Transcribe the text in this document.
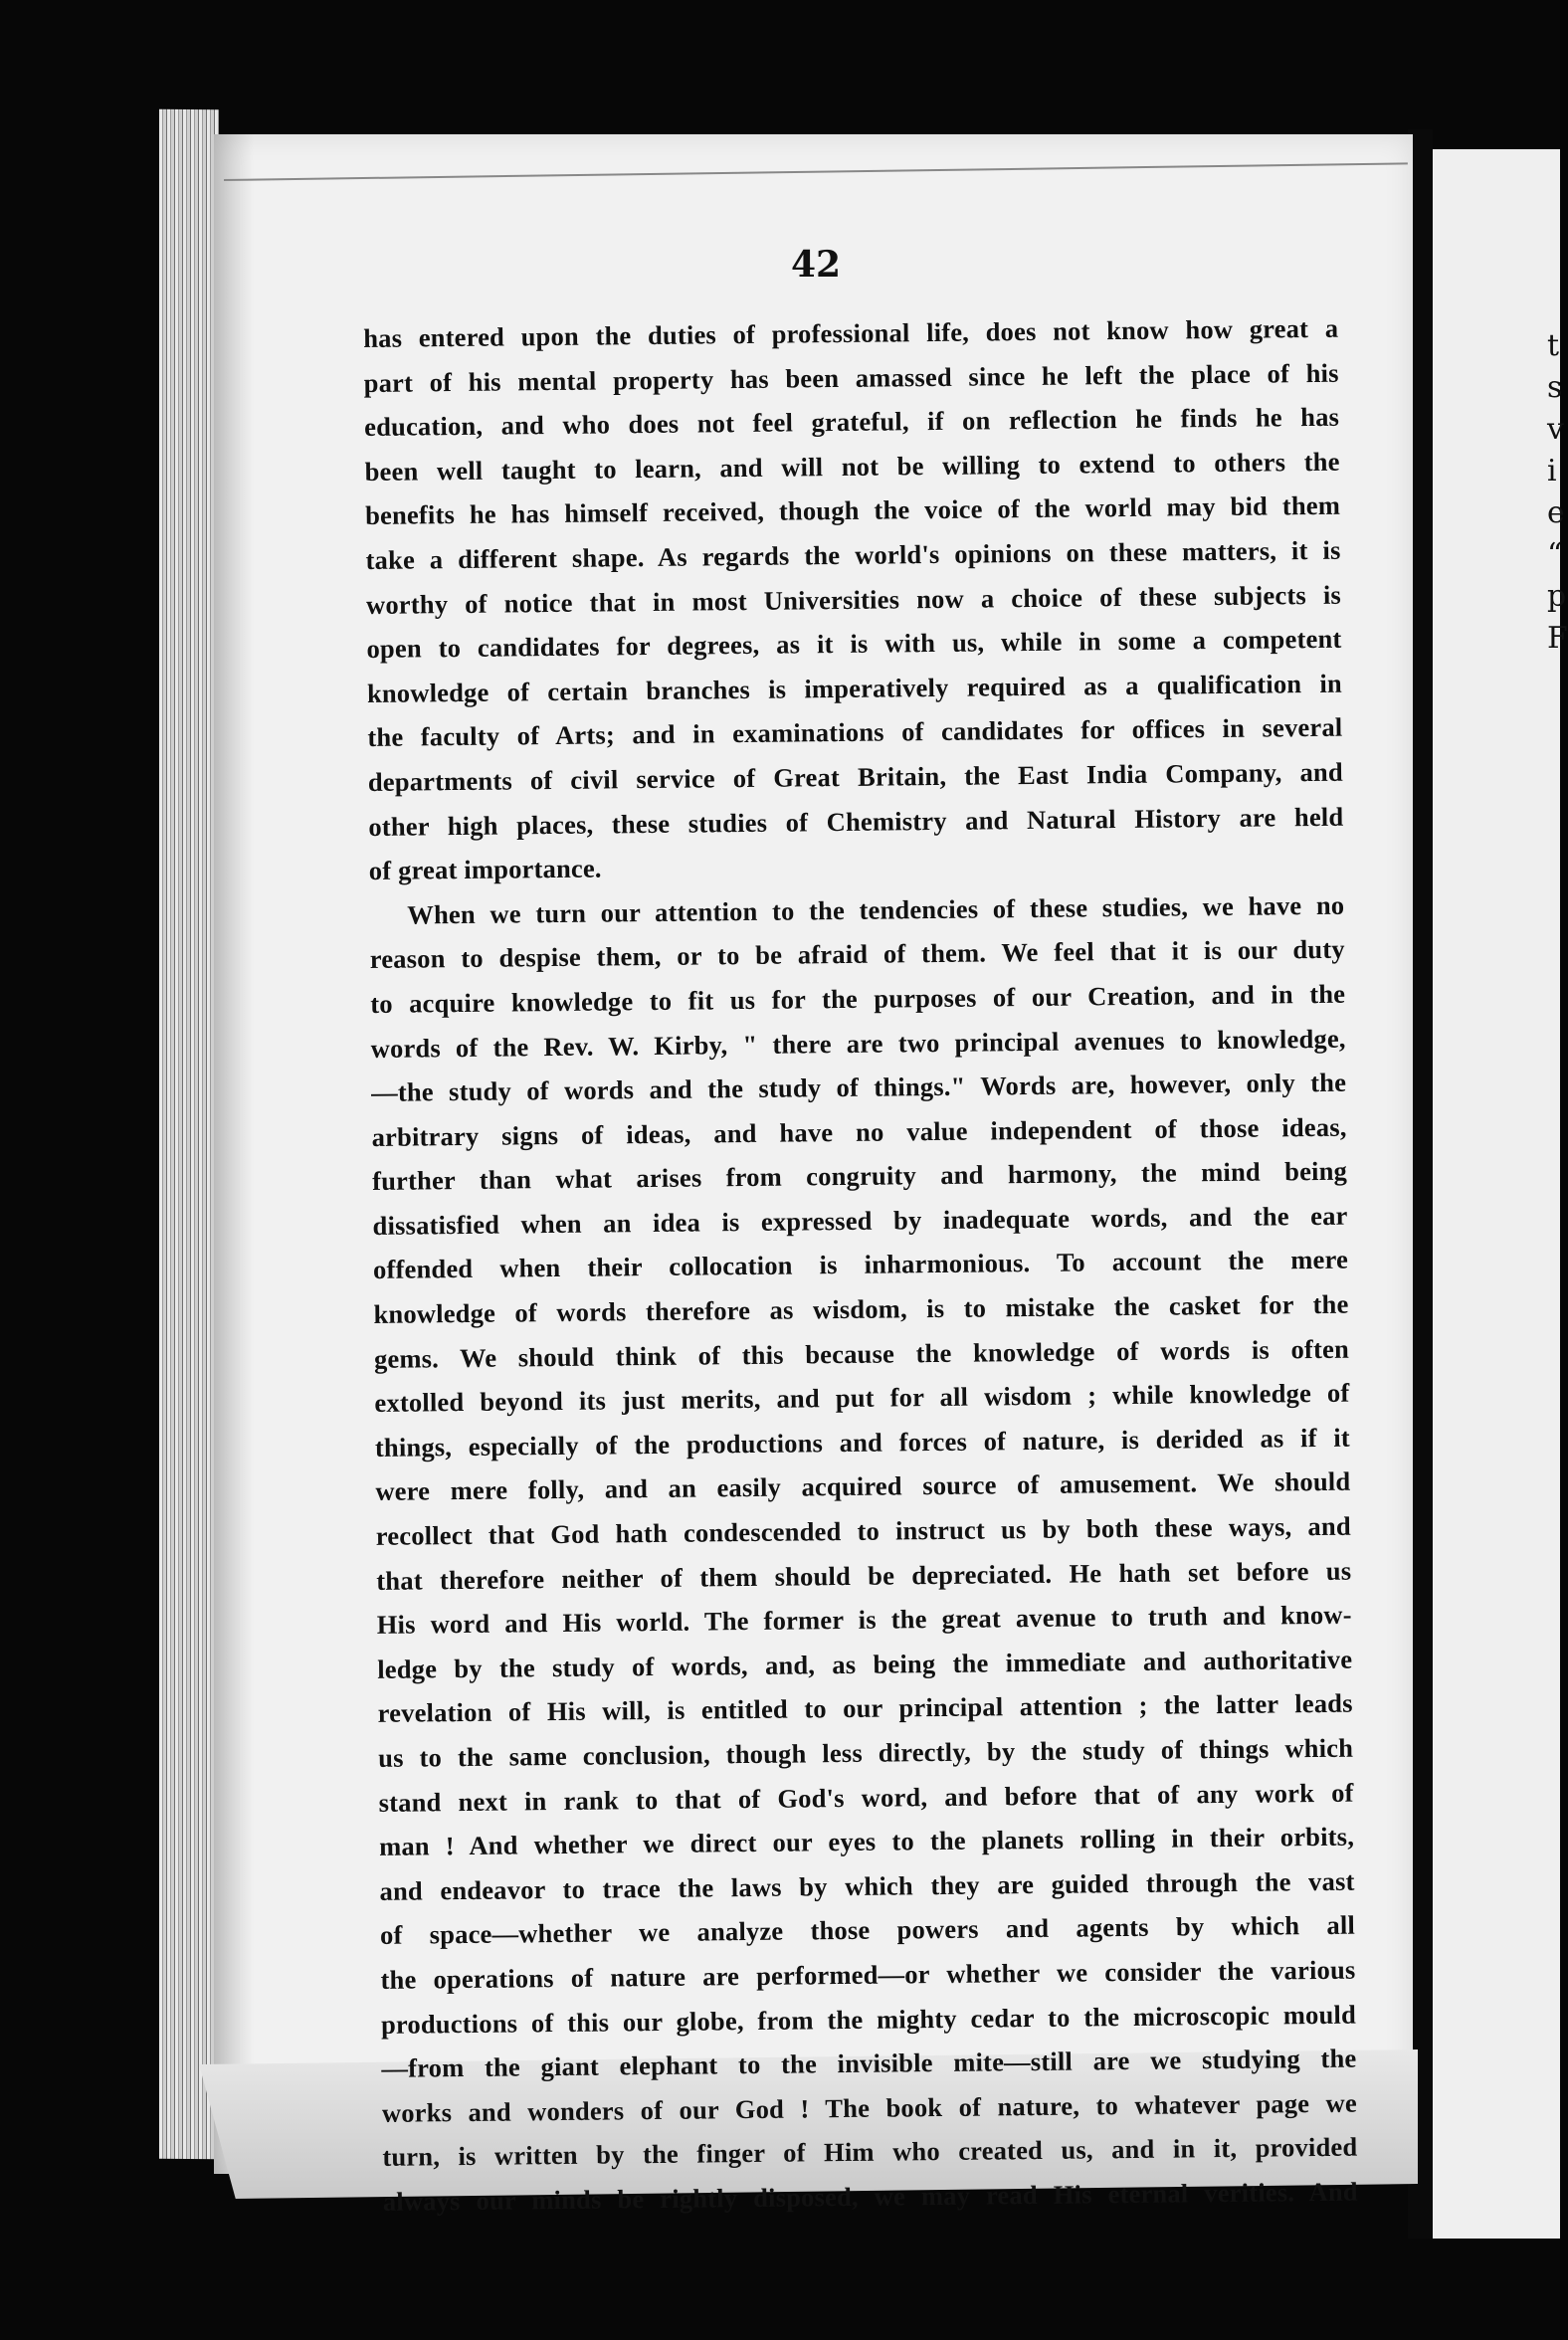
t
s
v
i
e
“
p
F
42
has entered upon the duties of professional life, does not know how great a
part of his mental property has been amassed since he left the place of his
education, and who does not feel grateful, if on reflection he finds he has
been well taught to learn, and will not be willing to extend to others the
benefits he has himself received, though the voice of the world may bid them
take a different shape. As regards the world's opinions on these matters, it is
worthy of notice that in most Universities now a choice of these subjects is
open to candidates for degrees, as it is with us, while in some a competent
knowledge of certain branches is imperatively required as a qualification in
the faculty of Arts; and in examinations of candidates for offices in several
departments of civil service of Great Britain, the East India Company, and
other high places, these studies of Chemistry and Natural History are held
of great importance.
When we turn our attention to the tendencies of these studies, we have no
reason to despise them, or to be afraid of them. We feel that it is our duty
to acquire knowledge to fit us for the purposes of our Creation, and in the
words of the Rev. W. Kirby, " there are two principal avenues to knowledge,
—the study of words and the study of things." Words are, however, only the
arbitrary signs of ideas, and have no value independent of those ideas,
further than what arises from congruity and harmony, the mind being
dissatisfied when an idea is expressed by inadequate words, and the ear
offended when their collocation is inharmonious. To account the mere
knowledge of words therefore as wisdom, is to mistake the casket for the
gems. We should think of this because the knowledge of words is often
extolled beyond its just merits, and put for all wisdom ; while knowledge of
things, especially of the productions and forces of nature, is derided as if it
were mere folly, and an easily acquired source of amusement. We should
recollect that God hath condescended to instruct us by both these ways, and
that therefore neither of them should be depreciated. He hath set before us
His word and His world. The former is the great avenue to truth and know-
ledge by the study of words, and, as being the immediate and authoritative
revelation of His will, is entitled to our principal attention ; the latter leads
us to the same conclusion, though less directly, by the study of things which
stand next in rank to that of God's word, and before that of any work of
man ! And whether we direct our eyes to the planets rolling in their orbits,
and endeavor to trace the laws by which they are guided through the vast
of space—whether we analyze those powers and agents by which all
the operations of nature are performed—or whether we consider the various
productions of this our globe, from the mighty cedar to the microscopic mould
—from the giant elephant to the invisible mite—still are we studying the
works and wonders of our God ! The book of nature, to whatever page we
turn, is written by the finger of Him who created us, and in it, provided
always our minds be rightly disposed, we may read His eternal verities. And
